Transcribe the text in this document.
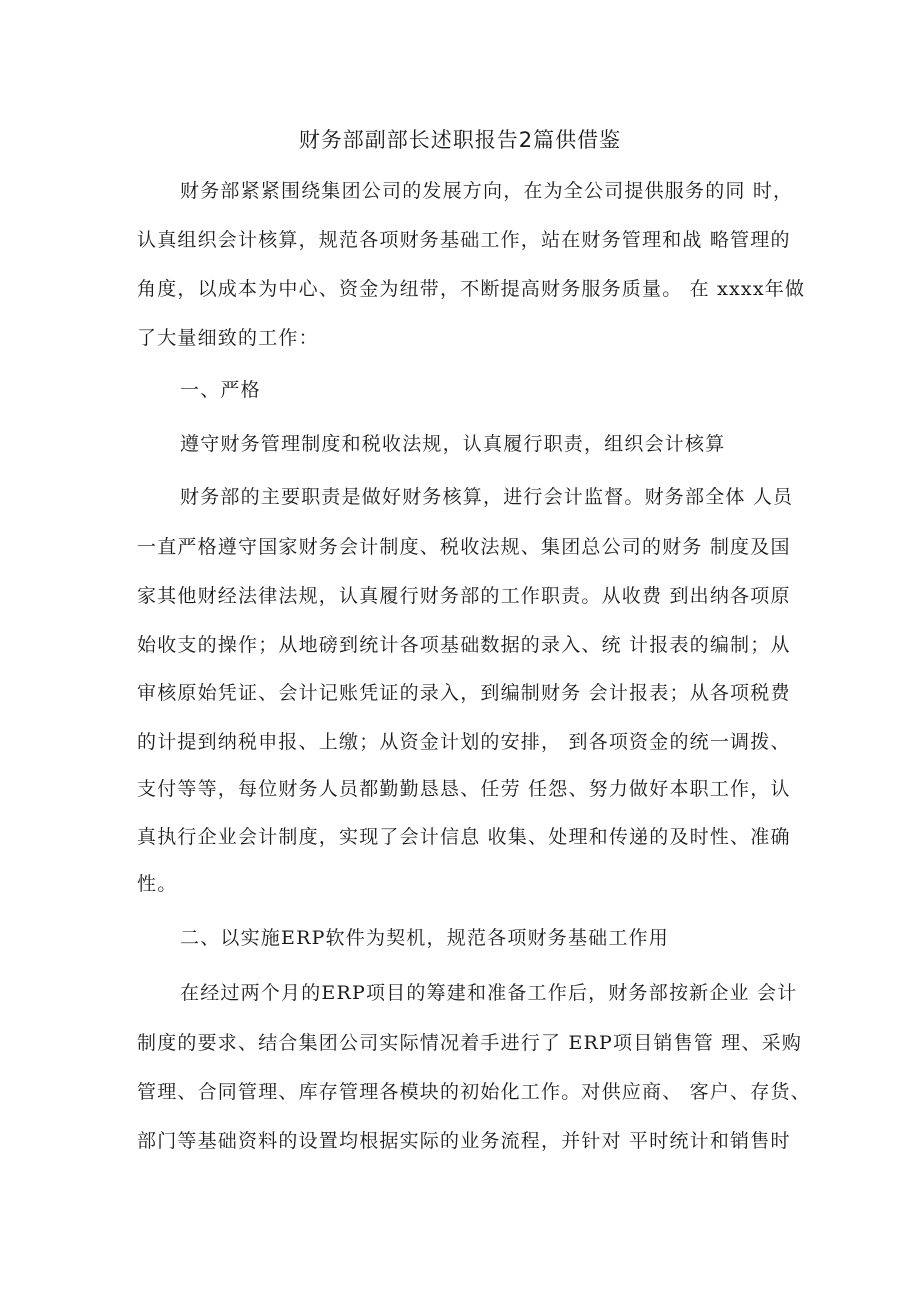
财务部副部长述职报告2篇供借鉴
财务部紧紧围绕集团公司的发展方向，在为全公司提供服务的同 时，
认真组织会计核算，规范各项财务基础工作，站在财务管理和战 略管理的
角度，以成本为中心、资金为纽带，不断提高财务服务质量。 在 xxxx年做
了大量细致的工作：
一、严格
遵守财务管理制度和税收法规，认真履行职责，组织会计核算
财务部的主要职责是做好财务核算，进行会计监督。财务部全体 人员
一直严格遵守国家财务会计制度、税收法规、集团总公司的财务 制度及国
家其他财经法律法规，认真履行财务部的工作职责。从收费 到出纳各项原
始收支的操作；从地磅到统计各项基础数据的录入、统 计报表的编制；从
审核原始凭证、会计记账凭证的录入，到编制财务 会计报表；从各项税费
的计提到纳税申报、上缴；从资金计划的安排， 到各项资金的统一调拨、
支付等等，每位财务人员都勤勤恳恳、任劳 任怨、努力做好本职工作，认
真执行企业会计制度，实现了会计信息 收集、处理和传递的及时性、准确
性。
二、以实施ERP软件为契机，规范各项财务基础工作用
在经过两个月的ERP项目的筹建和准备工作后，财务部按新企业 会计
制度的要求、结合集团公司实际情况着手进行了 ERP项目销售管 理、采购
管理、合同管理、库存管理各模块的初始化工作。对供应商、 客户、存货、
部门等基础资料的设置均根据实际的业务流程，并针对 平时统计和销售时
